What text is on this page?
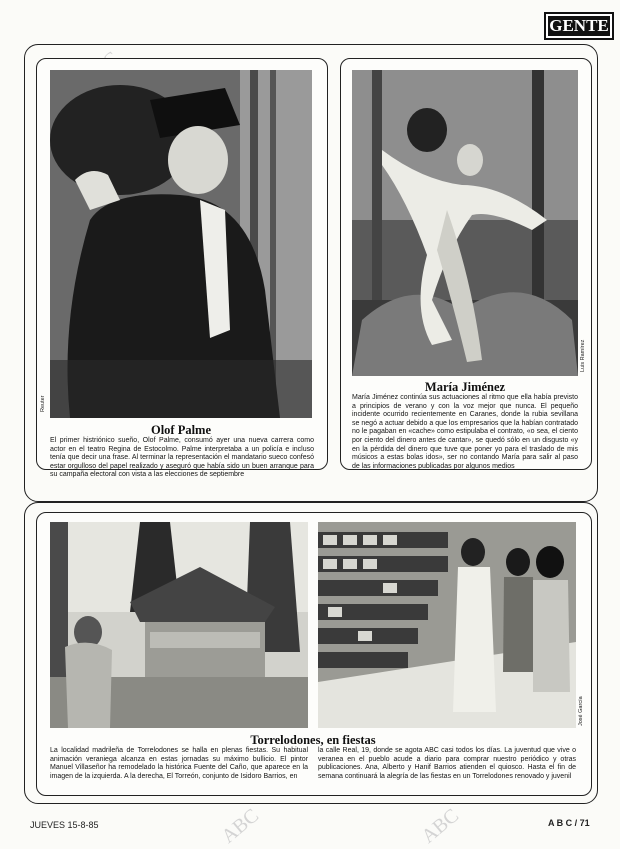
GENTE
ABC	ABC
Reuter
Olof Palme
El primer histriónico sueño, Olof Palme, consumó ayer una nueva carrera como actor en el teatro Regina de Estocolmo. Palme interpretaba a un policía e incluso tenía que decir una frase. Al terminar la representación el mandatario sueco confesó estar orgulloso del papel realizado y aseguró que había sido un buen arranque para su campaña electoral con vista a las elecciones de septiembre
Luis Ramírez
María Jiménez
María Jiménez continúa sus actuaciones al ritmo que ella había previsto a principios de verano y con la voz mejor que nunca. El pequeño incidente ocurrido recientemente en Caranes, donde la rubia sevillana se negó a actuar debido a que los empresarios que la habían contratado no le pagaban en «cache» como estipulaba el contrato, «o sea, el ciento por ciento del dinero antes de cantar», se quedó sólo en un disgusto «y en la pérdida del dinero que tuve que poner yo para el traslado de mis músicos a estas bolas idos», ser no contando María para salir al paso de las informaciones publicadas por algunos medios
José García
Torrelodones, en fiestas
La localidad madrileña de Torrelodones se halla en plenas fiestas. Su habitual animación veraniega alcanza en estas jornadas su máximo bullicio. El pintor Manuel Villaseñor ha remodelado la histórica Fuente del Caño, que aparece en la imagen de la izquierda. A la derecha, El Torreón, conjunto de Isidoro Barrios, en
la calle Real, 19, donde se agota ABC casi todos los días. La juventud que vive o veranea en el pueblo acude a diario para comprar nuestro periódico y otras publicaciones. Ana, Alberto y Hanif Barrios atienden el quiosco. Hasta el fin de semana continuará la alegría de las fiestas en un Torrelodones renovado y juvenil
JUEVES 15-8-85	A B C / 71
